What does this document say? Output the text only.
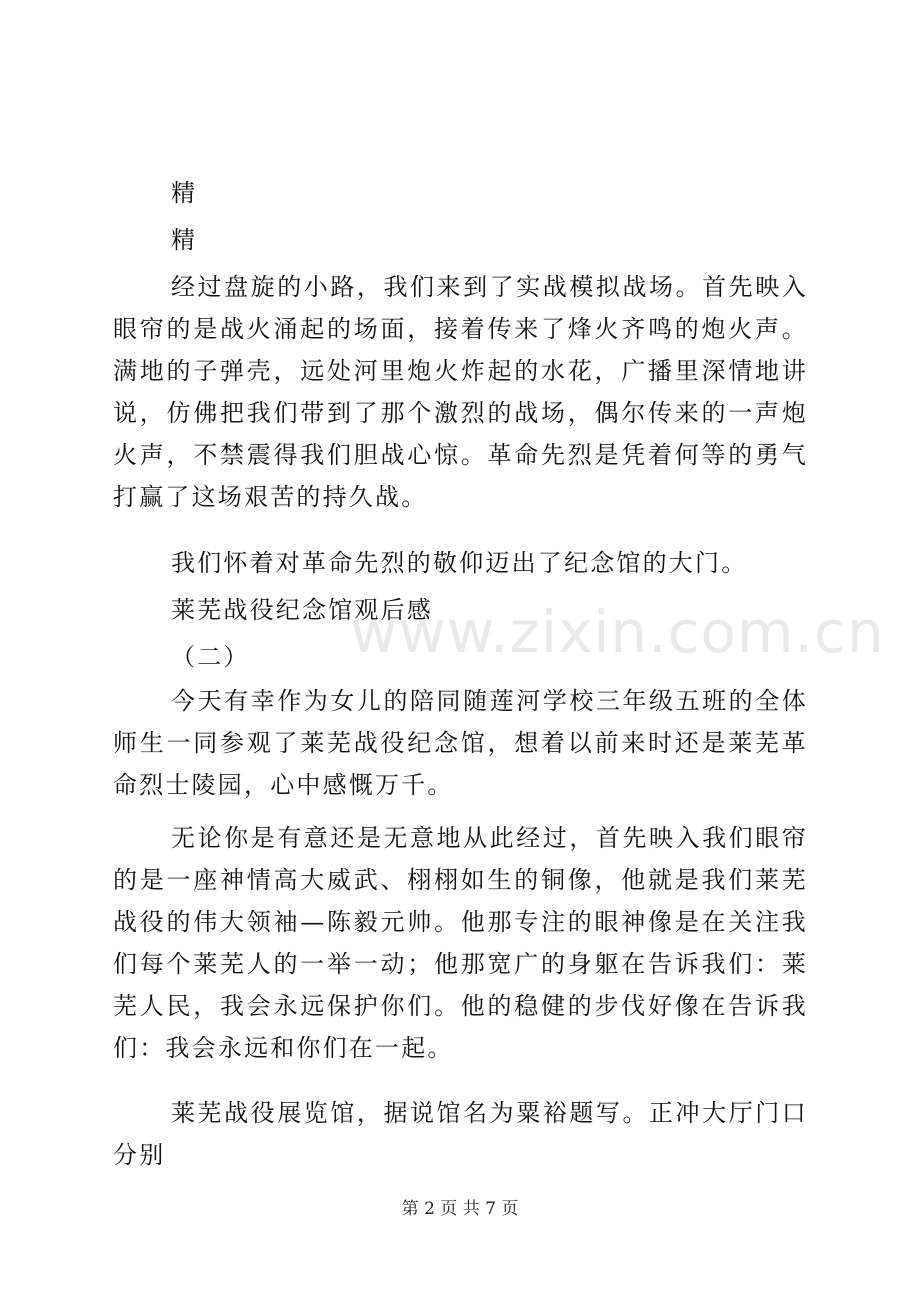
www.zixin.com.cn

精

精

经过盘旋的小路，我们来到了实战模拟战场。首先映入眼帘的是战火涌起的场面，接着传来了烽火齐鸣的炮火声。满地的子弹壳，远处河里炮火炸起的水花，广播里深情地讲说，仿佛把我们带到了那个激烈的战场，偶尔传来的一声炮火声，不禁震得我们胆战心惊。革命先烈是凭着何等的勇气打赢了这场艰苦的持久战。

我们怀着对革命先烈的敬仰迈出了纪念馆的大门。

莱芜战役纪念馆观后感

（二）

今天有幸作为女儿的陪同随莲河学校三年级五班的全体师生一同参观了莱芜战役纪念馆，想着以前来时还是莱芜革命烈士陵园，心中感慨万千。

无论你是有意还是无意地从此经过，首先映入我们眼帘的是一座神情高大威武、栩栩如生的铜像，他就是我们莱芜战役的伟大领袖—陈毅元帅。他那专注的眼神像是在关注我们每个莱芜人的一举一动；他那宽广的身躯在告诉我们：莱芜人民，我会永远保护你们。他的稳健的步伐好像在告诉我们：我会永远和你们在一起。

莱芜战役展览馆，据说馆名为粟裕题写。正冲大厅门口分别

第 2 页 共 7 页
